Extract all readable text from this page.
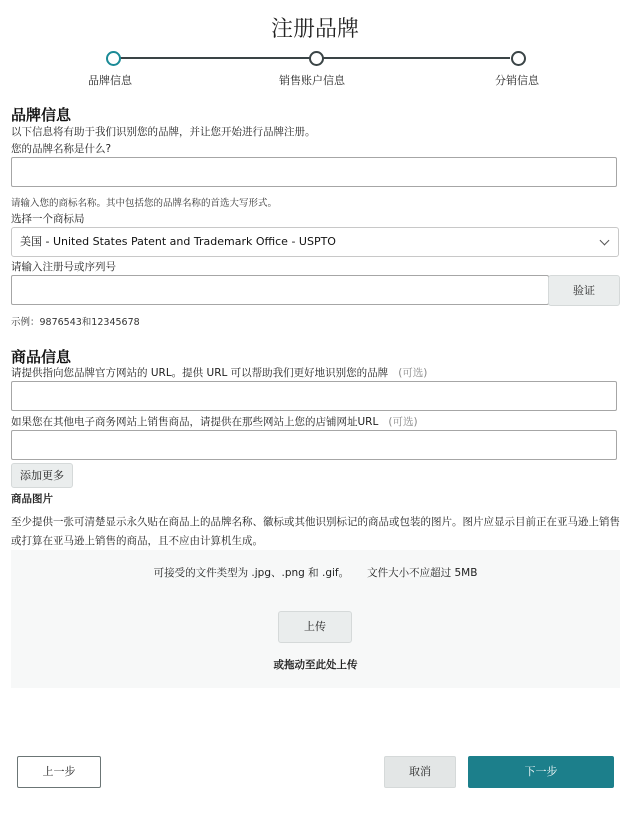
注册品牌
品牌信息	销售账户信息	分销信息
品牌信息
以下信息将有助于我们识别您的品牌，并让您开始进行品牌注册。
您的品牌名称是什么?
请输入您的商标名称。其中包括您的品牌名称的首选大写形式。
选择一个商标局
美国 - United States Patent and Trademark Office - USPTO
请输入注册号或序列号
验证
示例：9876543和12345678
商品信息
请提供指向您品牌官方网站的 URL。提供 URL 可以帮助我们更好地识别您的品牌 (可选)
如果您在其他电子商务网站上销售商品，请提供在那些网站上您的店铺网址URL (可选)
添加更多
商品图片

至少提供一张可清楚显示永久贴在商品上的品牌名称、徽标或其他识别标记的商品或包装的图片。图片应显示目前正在亚马逊上销售或打算在亚马逊上销售的商品，且不应由计算机生成。

可接受的文件类型为 .jpg、.png 和 .gif。 文件大小不应超过 5MB
上传
或拖动至此处上传
上一步	取消	下一步
